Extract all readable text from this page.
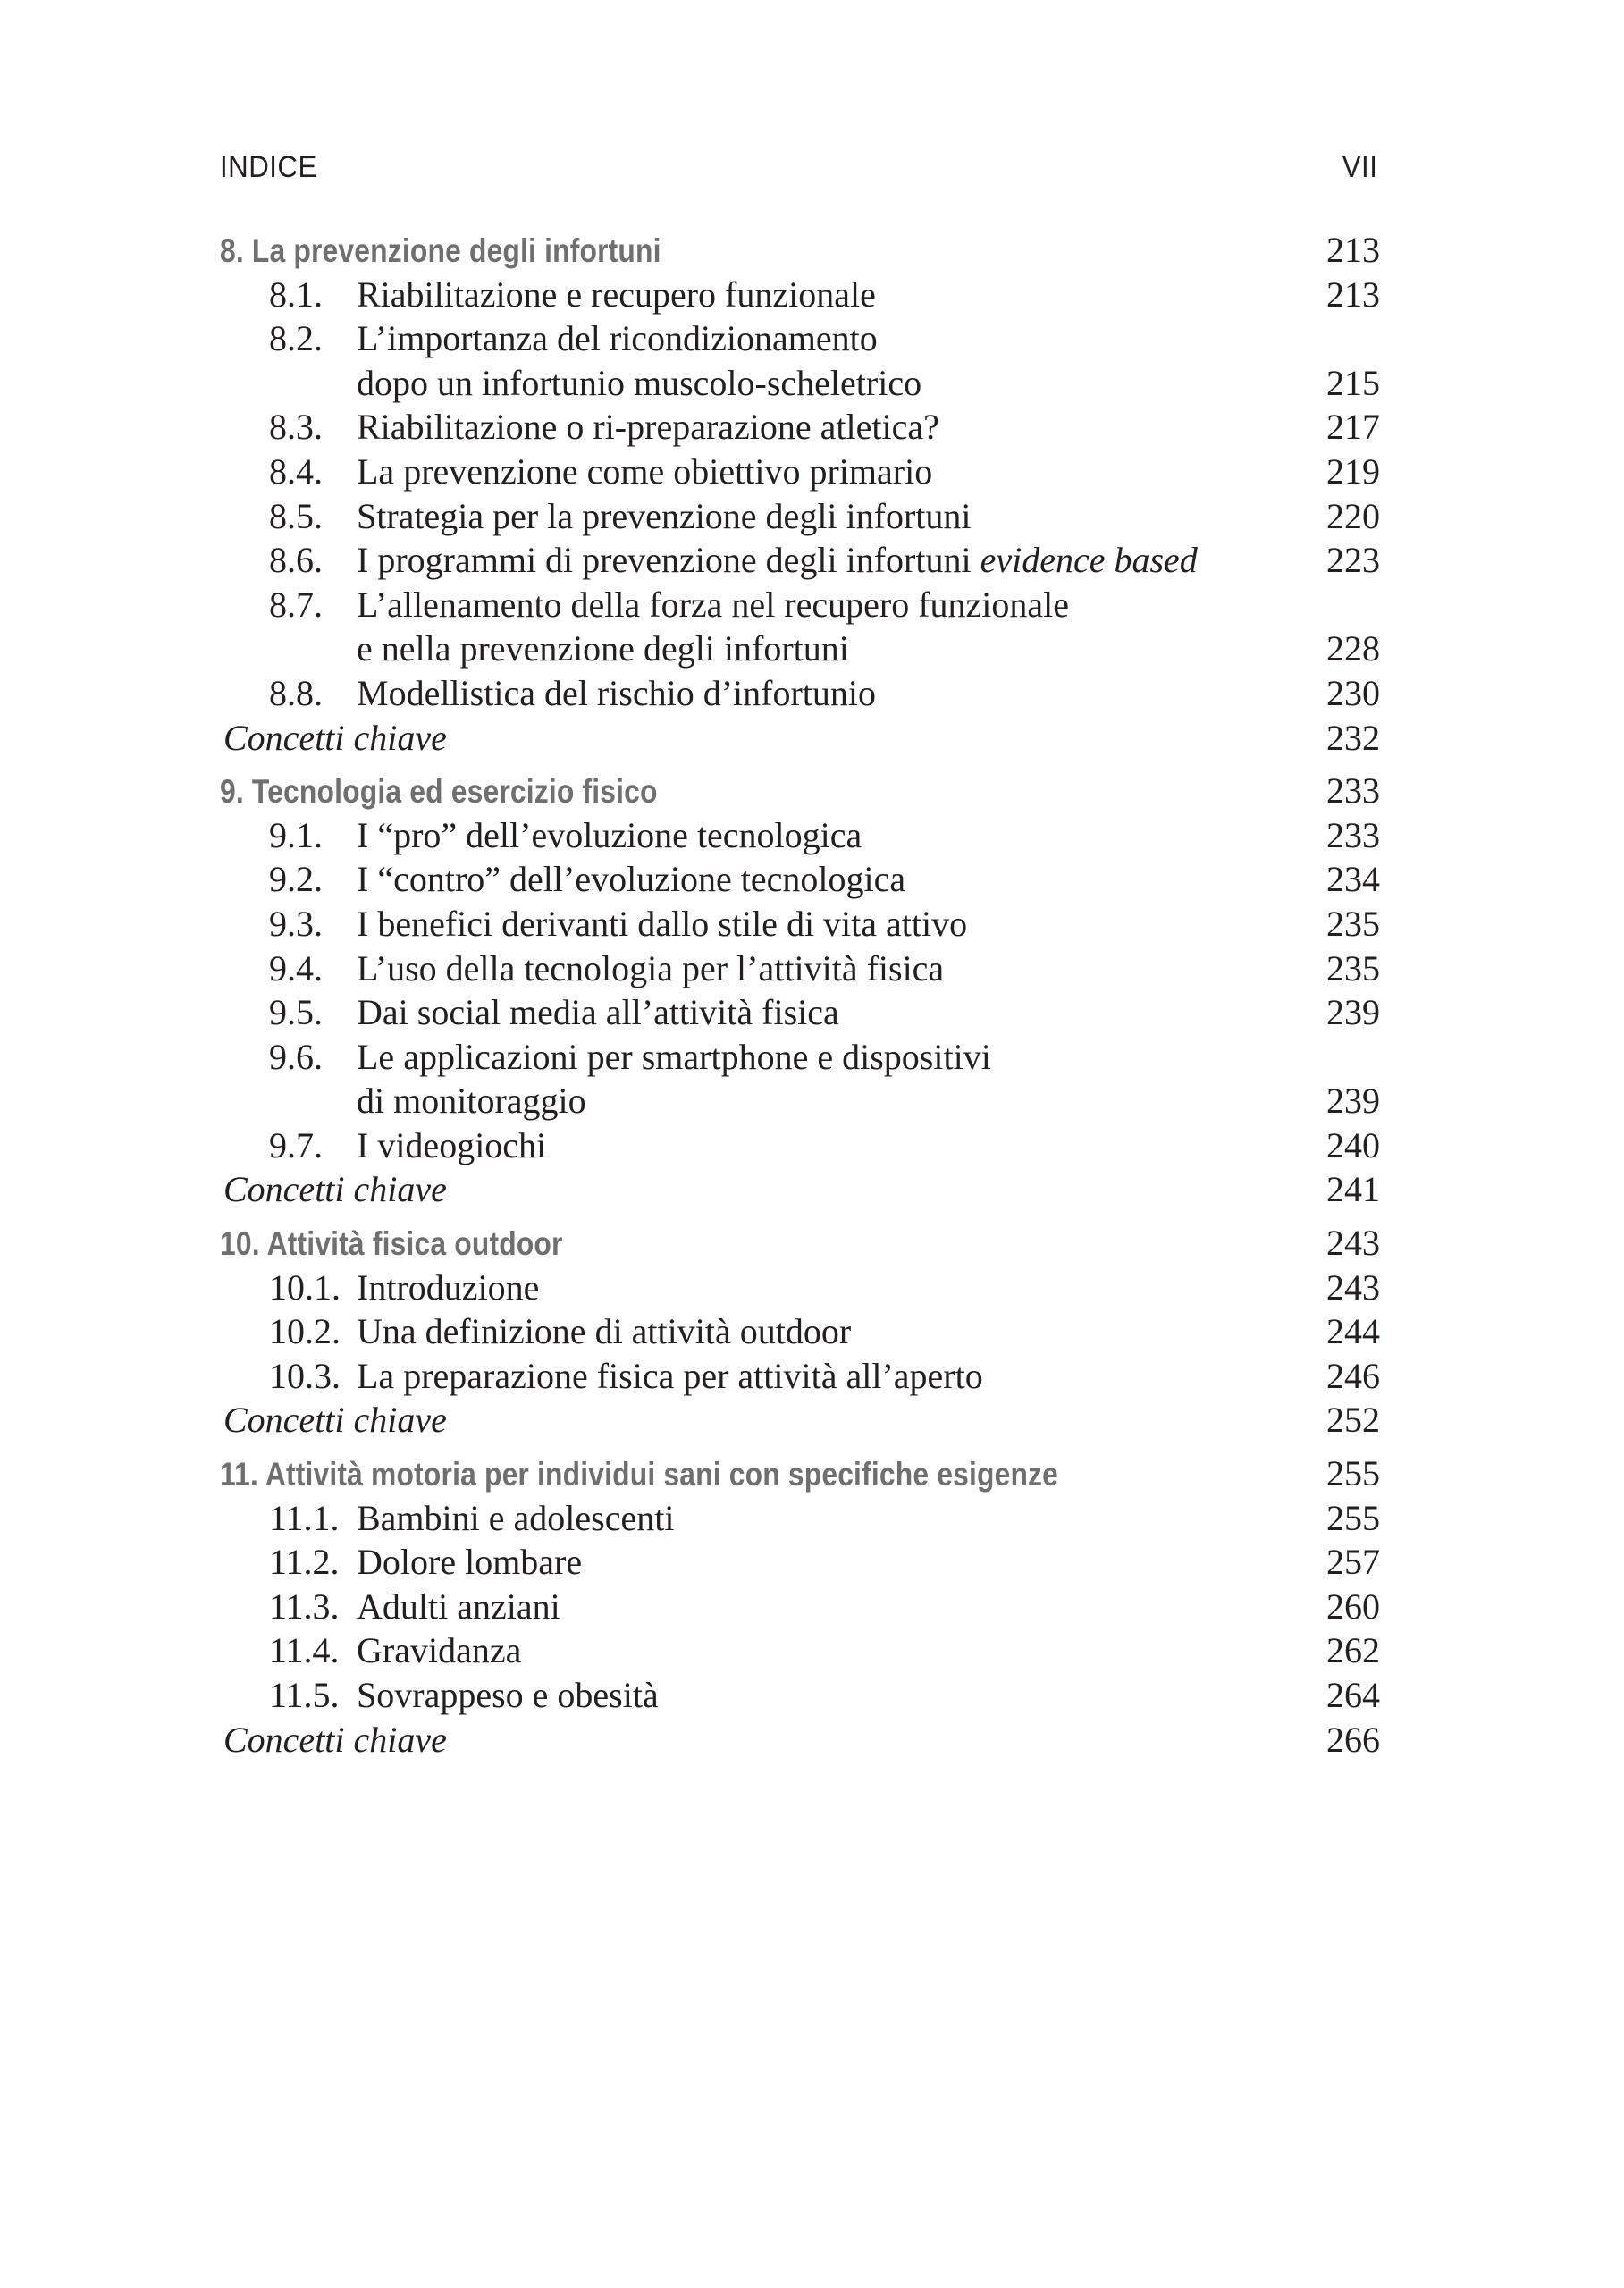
INDICE	VII
8. La prevenzione degli infortuni	213
8.1. Riabilitazione e recupero funzionale	213
8.2. L’importanza del ricondizionamento
dopo un infortunio muscolo-scheletrico	215
8.3. Riabilitazione o ri-preparazione atletica?	217
8.4. La prevenzione come obiettivo primario	219
8.5. Strategia per la prevenzione degli infortuni	220
8.6. I programmi di prevenzione degli infortuni evidence based	223
8.7. L’allenamento della forza nel recupero funzionale
e nella prevenzione degli infortuni	228
8.8. Modellistica del rischio d’infortunio	230
Concetti chiave	232
9. Tecnologia ed esercizio fisico	233
9.1. I “pro” dell’evoluzione tecnologica	233
9.2. I “contro” dell’evoluzione tecnologica	234
9.3. I benefici derivanti dallo stile di vita attivo	235
9.4. L’uso della tecnologia per l’attività fisica	235
9.5. Dai social media all’attività fisica	239
9.6. Le applicazioni per smartphone e dispositivi
di monitoraggio	239
9.7. I videogiochi	240
Concetti chiave	241
10. Attività fisica outdoor	243
10.1. Introduzione	243
10.2. Una definizione di attività outdoor	244
10.3. La preparazione fisica per attività all’aperto	246
Concetti chiave	252
11. Attività motoria per individui sani con specifiche esigenze	255
11.1. Bambini e adolescenti	255
11.2. Dolore lombare	257
11.3. Adulti anziani	260
11.4. Gravidanza	262
11.5. Sovrappeso e obesità	264
Concetti chiave	266
